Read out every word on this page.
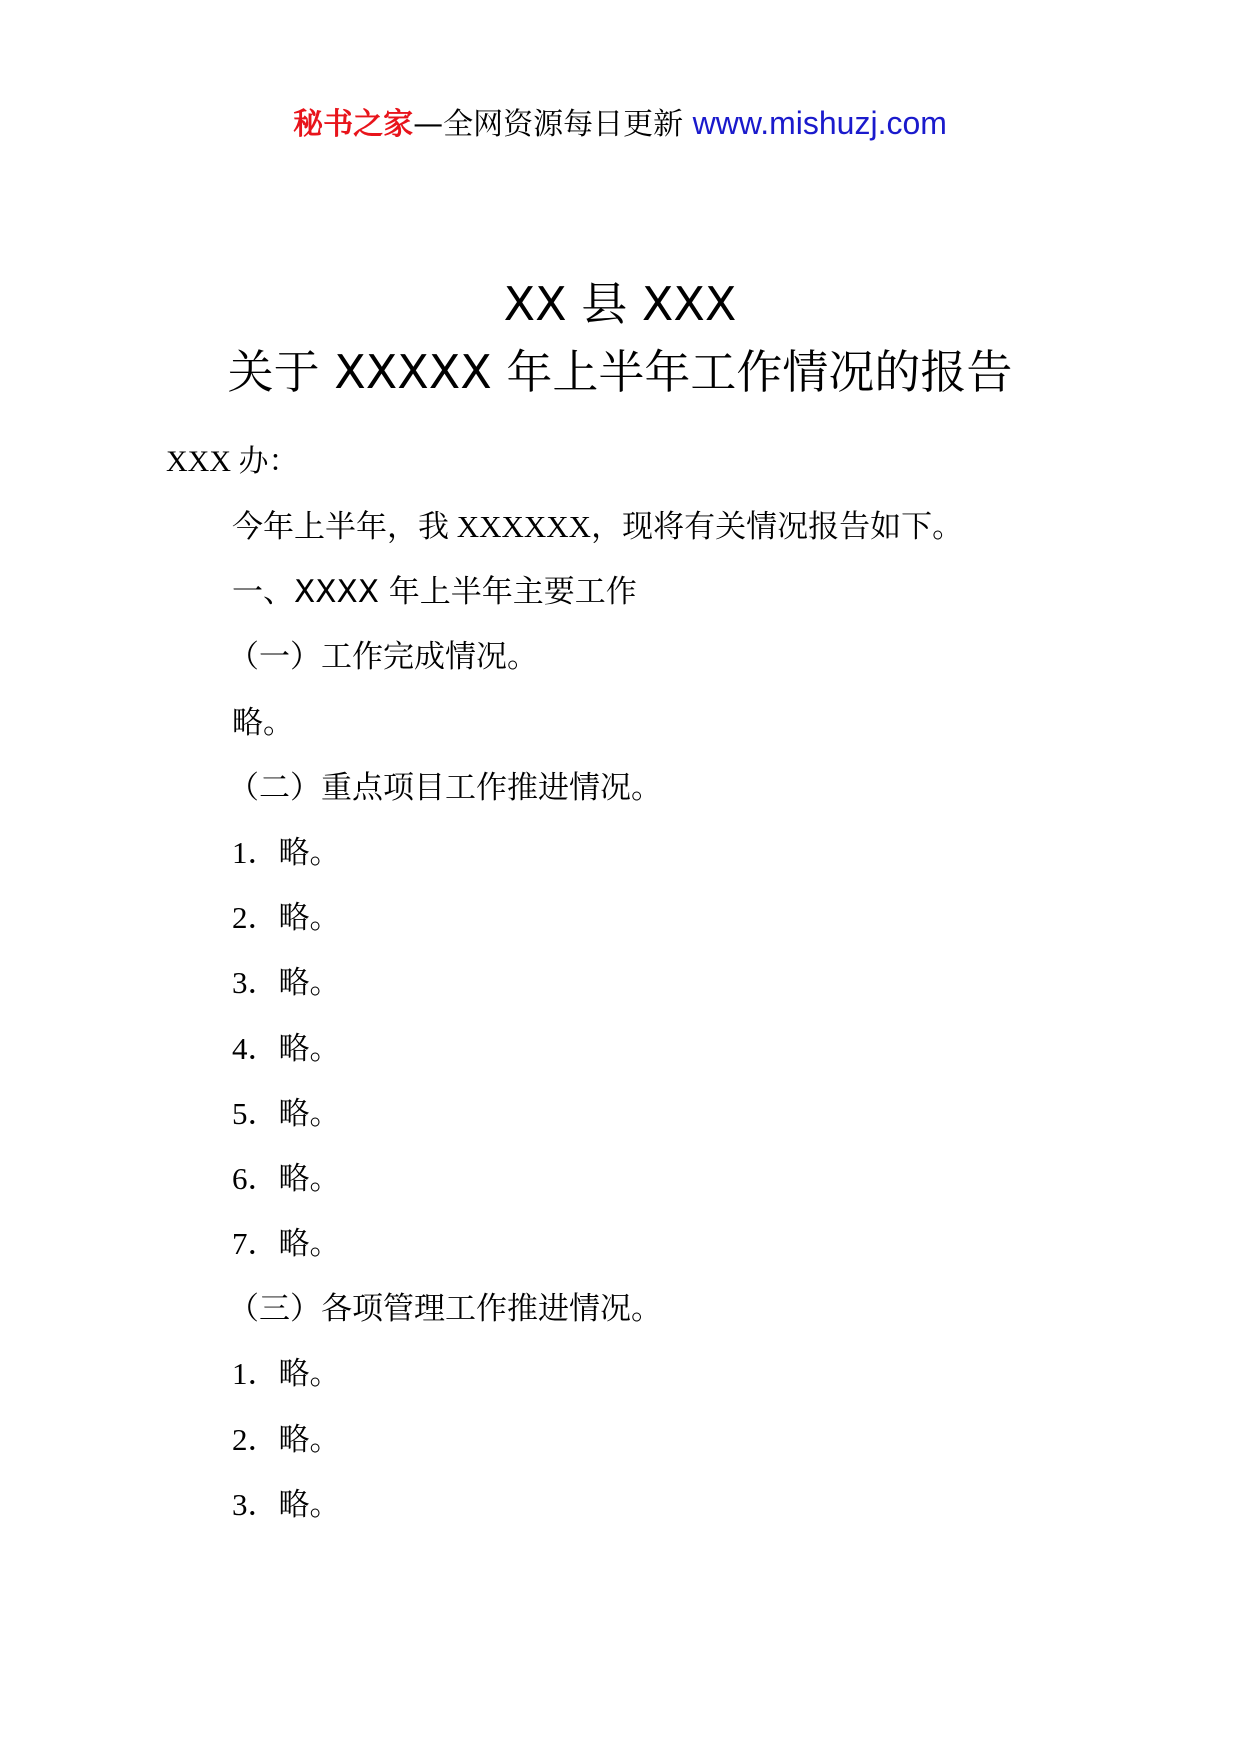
秘书之家—全网资源每日更新 www.mishuzj.com
XX 县 XXX
关于 XXXXX 年上半年工作情况的报告
XXX 办：
今年上半年，我 XXXXXX，现将有关情况报告如下。
一、XXXX 年上半年主要工作
（一）工作完成情况。
略。
（二）重点项目工作推进情况。
1．略。
2．略。
3．略。
4．略。
5．略。
6．略。
7．略。
（三）各项管理工作推进情况。
1．略。
2．略。
3．略。
